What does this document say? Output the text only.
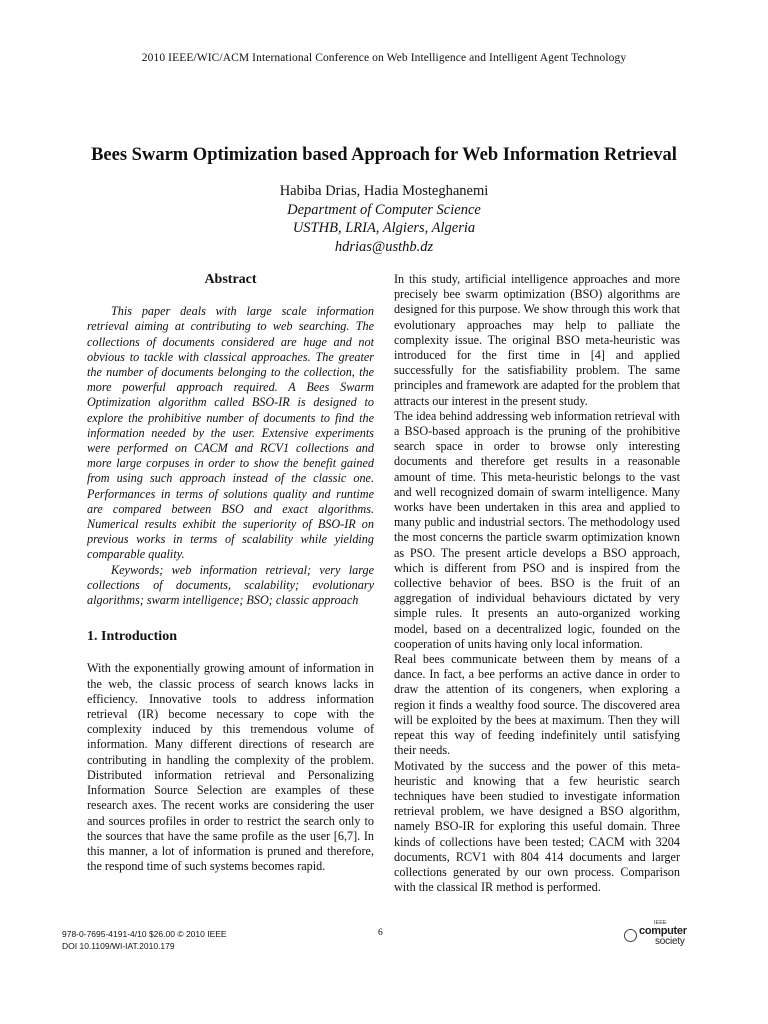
2010 IEEE/WIC/ACM International Conference on Web Intelligence and Intelligent Agent Technology
Bees Swarm Optimization based Approach for Web Information Retrieval
Habiba Drias, Hadia Mosteghanemi
Department of Computer Science
USTHB, LRIA, Algiers, Algeria
hdrias@usthb.dz
Abstract

This paper deals with large scale information retrieval aiming at contributing to web searching. The collections of documents considered are huge and not obvious to tackle with classical approaches. The greater the number of documents belonging to the collection, the more powerful approach required. A Bees Swarm Optimization algorithm called BSO-IR is designed to explore the prohibitive number of documents to find the information needed by the user. Extensive experiments were performed on CACM and RCV1 collections and more large corpuses in order to show the benefit gained from using such approach instead of the classic one. Performances in terms of solutions quality and runtime are compared between BSO and exact algorithms. Numerical results exhibit the superiority of BSO-IR on previous works in terms of scalability while yielding comparable quality.

Keywords; web information retrieval; very large collections of documents, scalability; evolutionary algorithms; swarm intelligence; BSO; classic approach

1. Introduction

With the exponentially growing amount of information in the web, the classic process of search knows lacks in efficiency. Innovative tools to address information retrieval (IR) become necessary to cope with the complexity induced by this tremendous volume of information. Many different directions of research are contributing in handling the complexity of the problem. Distributed information retrieval and Personalizing Information Source Selection are examples of these research axes. The recent works are considering the user and sources profiles in order to restrict the search only to the sources that have the same profile as the user [6,7]. In this manner, a lot of information is pruned and therefore, the respond time of such systems becomes rapid.

In this study, artificial intelligence approaches and more precisely bee swarm optimization (BSO) algorithms are designed for this purpose. We show through this work that evolutionary approaches may help to palliate the complexity issue. The original BSO meta-heuristic was introduced for the first time in [4] and applied successfully for the satisfiability problem. The same principles and framework are adapted for the problem that attracts our interest in the present study.

The idea behind addressing web information retrieval with a BSO-based approach is the pruning of the prohibitive search space in order to browse only interesting documents and therefore get results in a reasonable amount of time. This meta-heuristic belongs to the vast and well recognized domain of swarm intelligence. Many works have been undertaken in this area and applied to many public and industrial sectors. The methodology used the most concerns the particle swarm optimization known as PSO. The present article develops a BSO approach, which is different from PSO and is inspired from the collective behavior of bees. BSO is the fruit of an aggregation of individual behaviours dictated by very simple rules. It presents an auto-organized working model, based on a decentralized logic, founded on the cooperation of units having only local information.

Real bees communicate between them by means of a dance. In fact, a bee performs an active dance in order to draw the attention of its congeners, when exploring a region it finds a wealthy food source. The discovered area will be exploited by the bees at maximum. Then they will repeat this way of feeding indefinitely until satisfying their needs.

Motivated by the success and the power of this meta-heuristic and knowing that a few heuristic search techniques have been studied to investigate information retrieval problem, we have designed a BSO algorithm, namely BSO-IR for exploring this useful domain. Three kinds of collections have been tested; CACM with 3204 documents, RCV1 with 804 414 documents and larger collections generated by our own process. Comparison with the classical IR method is performed.

978-0-7695-4191-4/10 $26.00 © 2010 IEEE
DOI 10.1109/WI-IAT.2010.179
6
IEEE
computer
society
